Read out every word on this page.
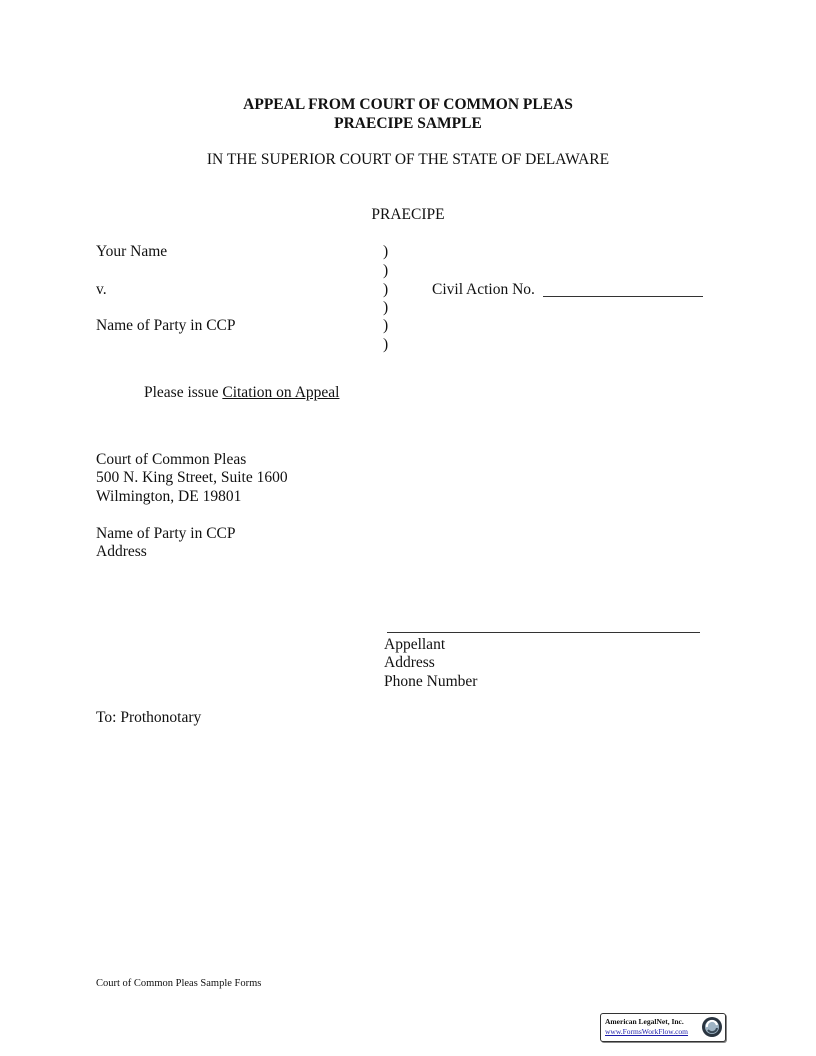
APPEAL FROM COURT OF COMMON PLEAS
PRAECIPE SAMPLE
IN THE SUPERIOR COURT OF THE STATE OF DELAWARE
PRAECIPE
Your Name
v.
Name of Party in CCP
)
)
)
)
)
)
Civil Action No.
Please issue Citation on Appeal
Court of Common Pleas
500 N. King Street, Suite 1600
Wilmington, DE 19801
Name of Party in CCP
Address
Appellant
Address
Phone Number
To: Prothonotary
Court of Common Pleas Sample Forms
American LegalNet, Inc.
www.FormsWorkFlow.com
